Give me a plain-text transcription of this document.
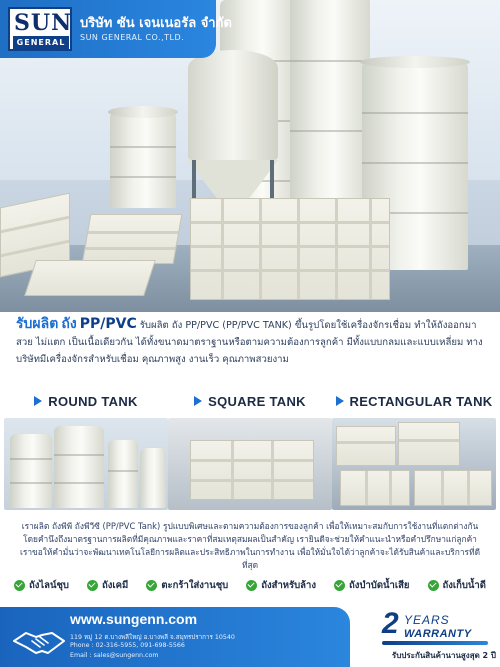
SUN
GENERAL
บริษัท ซัน เจนเนอรัล จำกัด
SUN GENERAL CO.,TLD.
รับผลิต ถัง PP/PVC รับผลิต ถัง PP/PVC (PP/PVC TANK) ขึ้นรูปโดยใช้เครื่องจักรเชื่อม ทำให้ถังออกมา สวย ไม่แตก เป็นเนื้อเดียวกัน ได้ทั้งขนาดมาตราฐานหรือตามความต้องการลูกค้า มีทั้งแบบกลมและแบบเหลี่ยม ทางบริษัทมีเครื่องจักรสำหรับเชื่อม คุณภาพสูง งานเร็ว คุณภาพสวยงาม
ROUND TANK	SQUARE TANK	RECTANGULAR TANK
เราผลิต ถังพีพี ถังพีวีซี (PP/PVC Tank) รูปแบบพิเศษและตามความต้องการของลูกค้า เพื่อให้เหมาะสมกับการใช้งานที่แตกต่างกัน โดยคำนึงถึงมาตรฐานการผลิตที่มีคุณภาพและราคาที่สมเหตุสมผลเป็นสำคัญ เรายินดีจะช่วยให้คำแนะนำหรือคำปรึกษาแก่ลูกค้า เราขอให้คำมั่นว่าจะพัฒนาเทคโนโลยีการผลิตและประสิทธิภาพในการทำงาน เพื่อให้มั่นใจได้ว่าลูกค้าจะได้รับสินค้าและบริการที่ดีที่สุด
ถังไลน์ชุบ	ถังเคมี	ตะกร้าใส่งานชุบ	ถังสำหรับล้าง	ถังบำบัดน้ำเสีย	ถังเก็บน้ำดี
www.sungenn.com
119 หมู่ 12 ต.บางพลีใหญ่ อ.บางพลี จ.สมุทรปราการ 10540
Phone : 02-316-5955, 091-698-5566
Email : sales@sungenn.com
2 YEARS
WARRANTY
รับประกันสินค้านานสูงสุด 2 ปี
